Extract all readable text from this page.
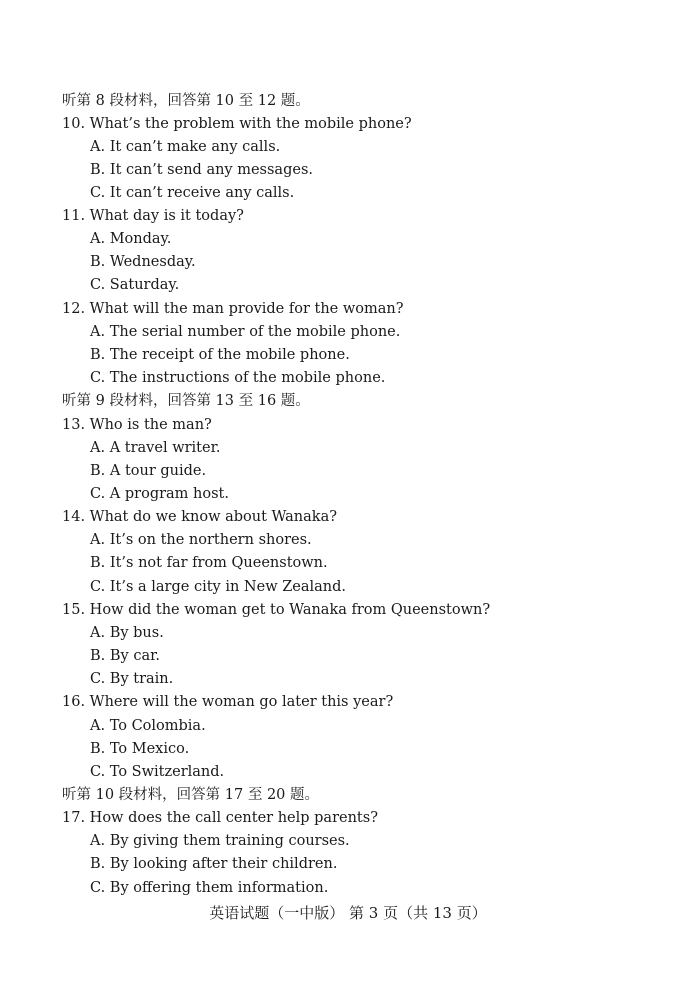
听第 8 段材料，回答第 10 至 12 题。
10. What’s the problem with the mobile phone?
A. It can’t make any calls.
B. It can’t send any messages.
C. It can’t receive any calls.
11. What day is it today?
A. Monday.
B. Wednesday.
C. Saturday.
12. What will the man provide for the woman?
A. The serial number of the mobile phone.
B. The receipt of the mobile phone.
C. The instructions of the mobile phone.
听第 9 段材料，回答第 13 至 16 题。
13. Who is the man?
A. A travel writer.
B. A tour guide.
C. A program host.
14. What do we know about Wanaka?
A. It’s on the northern shores.
B. It’s not far from Queenstown.
C. It’s a large city in New Zealand.
15. How did the woman get to Wanaka from Queenstown?
A. By bus.
B. By car.
C. By train.
16. Where will the woman go later this year?
A. To Colombia.
B. To Mexico.
C. To Switzerland.
听第 10 段材料，回答第 17 至 20 题。
17. How does the call center help parents?
A. By giving them training courses.
B. By looking after their children.
C. By offering them information.
英语试题（一中版） 第 3 页（共 13 页）
